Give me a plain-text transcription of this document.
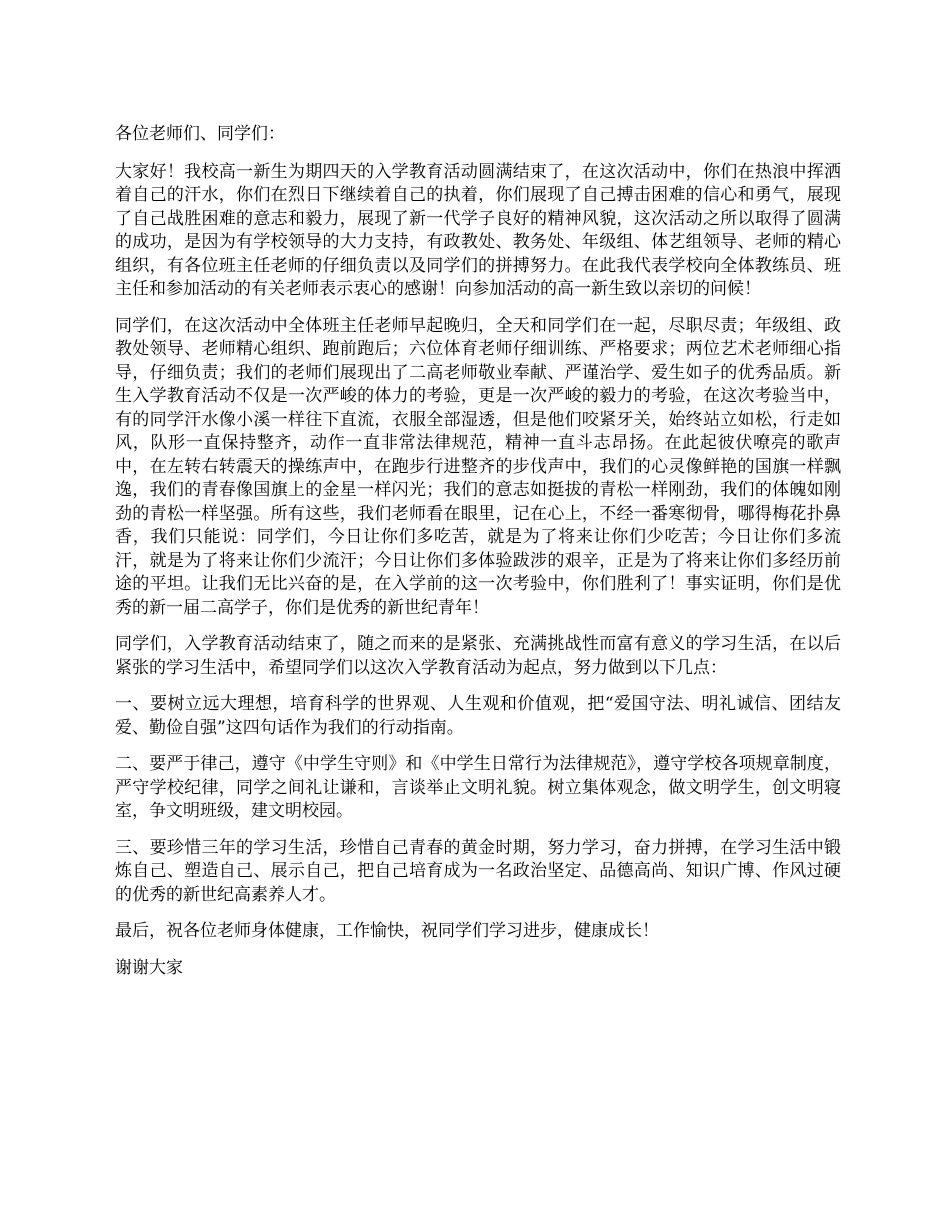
各位老师们、同学们：

大家好！我校高一新生为期四天的入学教育活动圆满结束了，在这次活动中，你们在热浪中挥洒着自己的汗水，你们在烈日下继续着自己的执着，你们展现了自己搏击困难的信心和勇气，展现了自己战胜困难的意志和毅力，展现了新一代学子良好的精神风貌，这次活动之所以取得了圆满的成功，是因为有学校领导的大力支持，有政教处、教务处、年级组、体艺组领导、老师的精心组织，有各位班主任老师的仔细负责以及同学们的拼搏努力。在此我代表学校向全体教练员、班主任和参加活动的有关老师表示衷心的感谢！向参加活动的高一新生致以亲切的问候！

同学们，在这次活动中全体班主任老师早起晚归，全天和同学们在一起，尽职尽责；年级组、政教处领导、老师精心组织、跑前跑后；六位体育老师仔细训练、严格要求；两位艺术老师细心指导，仔细负责；我们的老师们展现出了二高老师敬业奉献、严谨治学、爱生如子的优秀品质。新生入学教育活动不仅是一次严峻的体力的考验，更是一次严峻的毅力的考验，在这次考验当中，有的同学汗水像小溪一样往下直流，衣服全部湿透，但是他们咬紧牙关，始终站立如松，行走如风，队形一直保持整齐，动作一直非常法律规范，精神一直斗志昂扬。在此起彼伏嘹亮的歌声中，在左转右转震天的操练声中，在跑步行进整齐的步伐声中，我们的心灵像鲜艳的国旗一样飘逸，我们的青春像国旗上的金星一样闪光；我们的意志如挺拔的青松一样刚劲，我们的体魄如刚劲的青松一样坚强。所有这些，我们老师看在眼里，记在心上，不经一番寒彻骨，哪得梅花扑鼻香，我们只能说：同学们，今日让你们多吃苦，就是为了将来让你们少吃苦；今日让你们多流汗，就是为了将来让你们少流汗；今日让你们多体验跋涉的艰辛，正是为了将来让你们多经历前途的平坦。让我们无比兴奋的是，在入学前的这一次考验中，你们胜利了！事实证明，你们是优秀的新一届二高学子，你们是优秀的新世纪青年！

同学们，入学教育活动结束了，随之而来的是紧张、充满挑战性而富有意义的学习生活，在以后紧张的学习生活中，希望同学们以这次入学教育活动为起点，努力做到以下几点：

一、要树立远大理想，培育科学的世界观、人生观和价值观，把“爱国守法、明礼诚信、团结友爱、勤俭自强”这四句话作为我们的行动指南。

二、要严于律己，遵守《中学生守则》和《中学生日常行为法律规范》，遵守学校各项规章制度，严守学校纪律，同学之间礼让谦和，言谈举止文明礼貌。树立集体观念，做文明学生，创文明寝室，争文明班级，建文明校园。

三、要珍惜三年的学习生活，珍惜自己青春的黄金时期，努力学习，奋力拼搏，在学习生活中锻炼自己、塑造自己、展示自己，把自己培育成为一名政治坚定、品德高尚、知识广博、作风过硬的优秀的新世纪高素养人才。

最后，祝各位老师身体健康，工作愉快，祝同学们学习进步，健康成长！

谢谢大家
